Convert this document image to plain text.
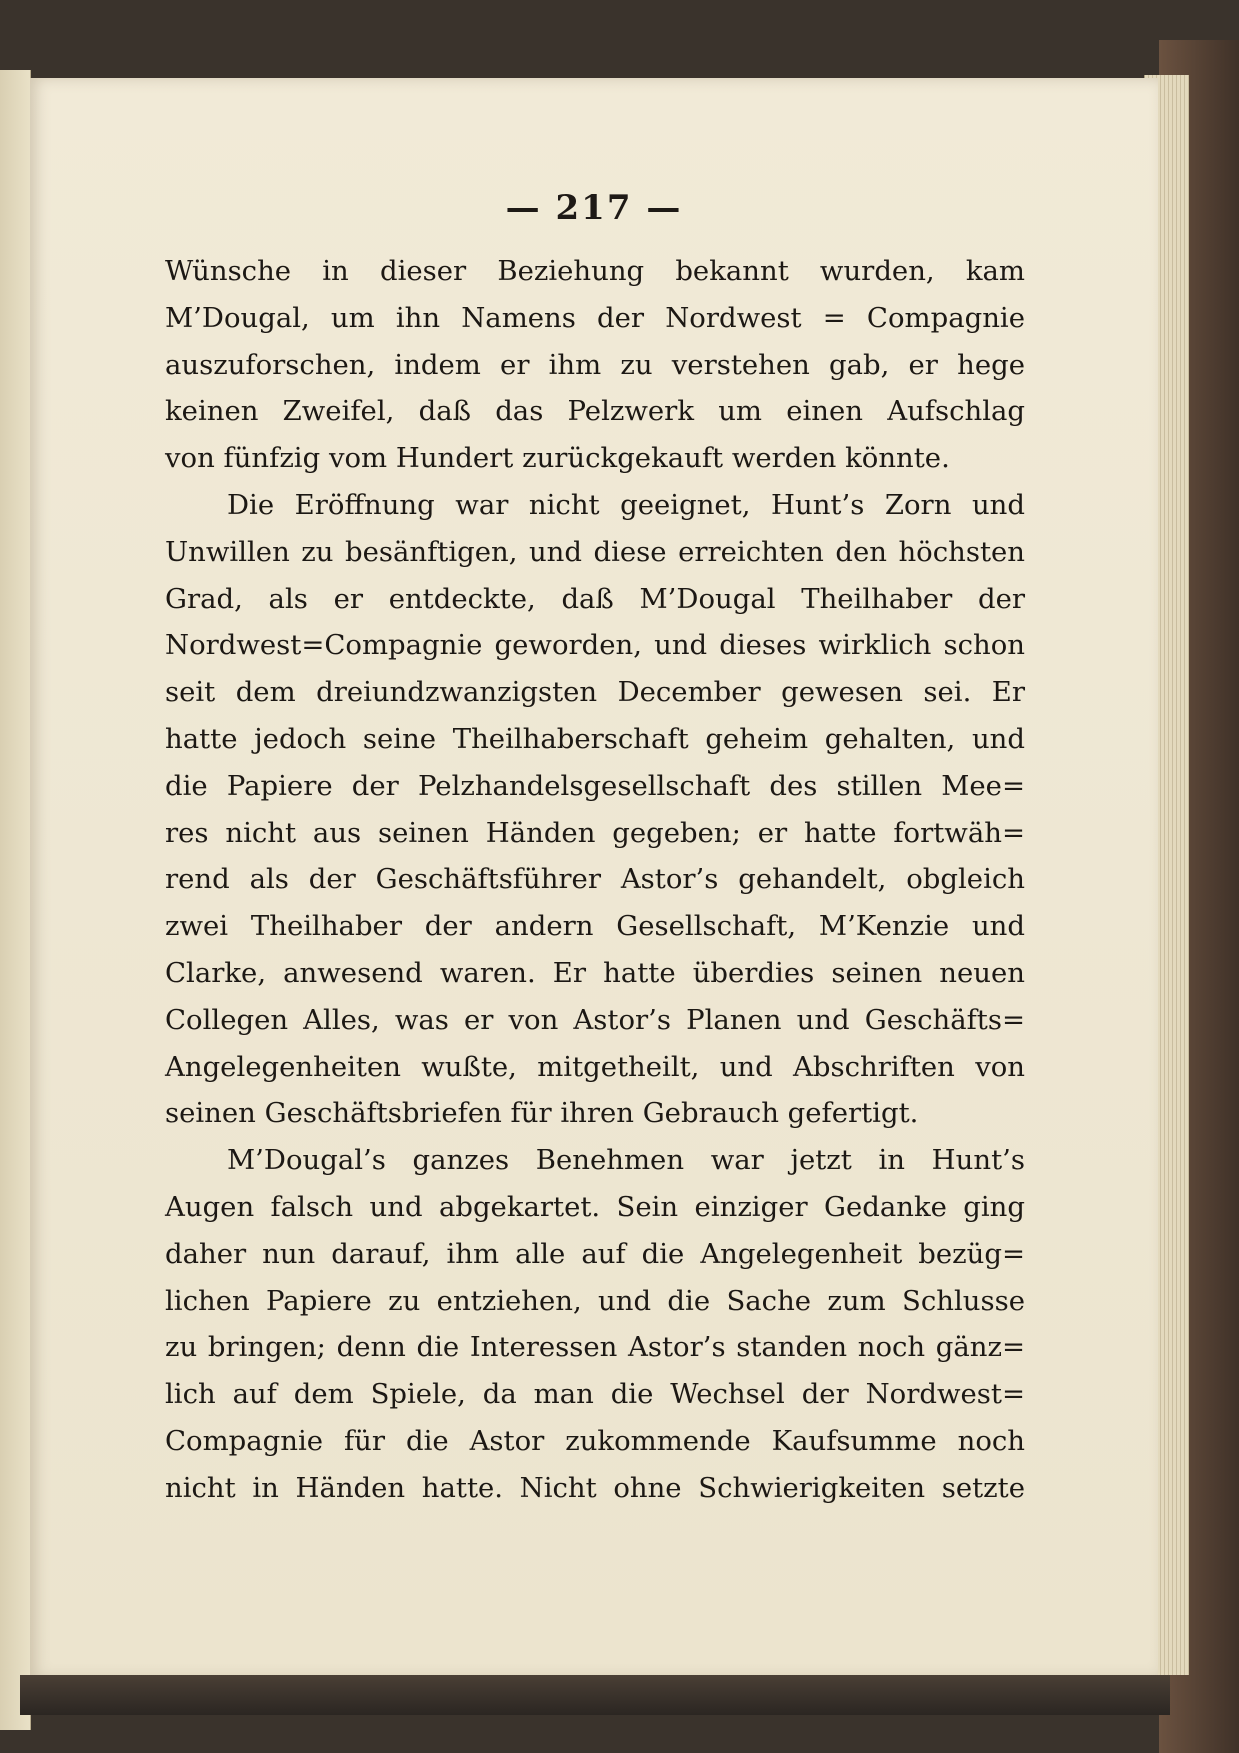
— 217 —
Wünsche in dieser Beziehung bekannt wurden, kam
M’Dougal, um ihn Namens der Nordwest = Compagnie
auszuforschen, indem er ihm zu verstehen gab, er hege
keinen Zweifel, daß das Pelzwerk um einen Aufschlag
von fünfzig vom Hundert zurückgekauft werden könnte.
Die Eröffnung war nicht geeignet, Hunt’s Zorn und
Unwillen zu besänftigen, und diese erreichten den höchsten
Grad, als er entdeckte, daß M’Dougal Theilhaber der
Nordwest=Compagnie geworden, und dieses wirklich schon
seit dem dreiundzwanzigsten December gewesen sei. Er
hatte jedoch seine Theilhaberschaft geheim gehalten, und
die Papiere der Pelzhandelsgesellschaft des stillen Mee=
res nicht aus seinen Händen gegeben; er hatte fortwäh=
rend als der Geschäftsführer Astor’s gehandelt, obgleich
zwei Theilhaber der andern Gesellschaft, M’Kenzie und
Clarke, anwesend waren. Er hatte überdies seinen neuen
Collegen Alles, was er von Astor’s Planen und Geschäfts=
Angelegenheiten wußte, mitgetheilt, und Abschriften von
seinen Geschäftsbriefen für ihren Gebrauch gefertigt.
M’Dougal’s ganzes Benehmen war jetzt in Hunt’s
Augen falsch und abgekartet. Sein einziger Gedanke ging
daher nun darauf, ihm alle auf die Angelegenheit bezüg=
lichen Papiere zu entziehen, und die Sache zum Schlusse
zu bringen; denn die Interessen Astor’s standen noch gänz=
lich auf dem Spiele, da man die Wechsel der Nordwest=
Compagnie für die Astor zukommende Kaufsumme noch
nicht in Händen hatte. Nicht ohne Schwierigkeiten setzte
